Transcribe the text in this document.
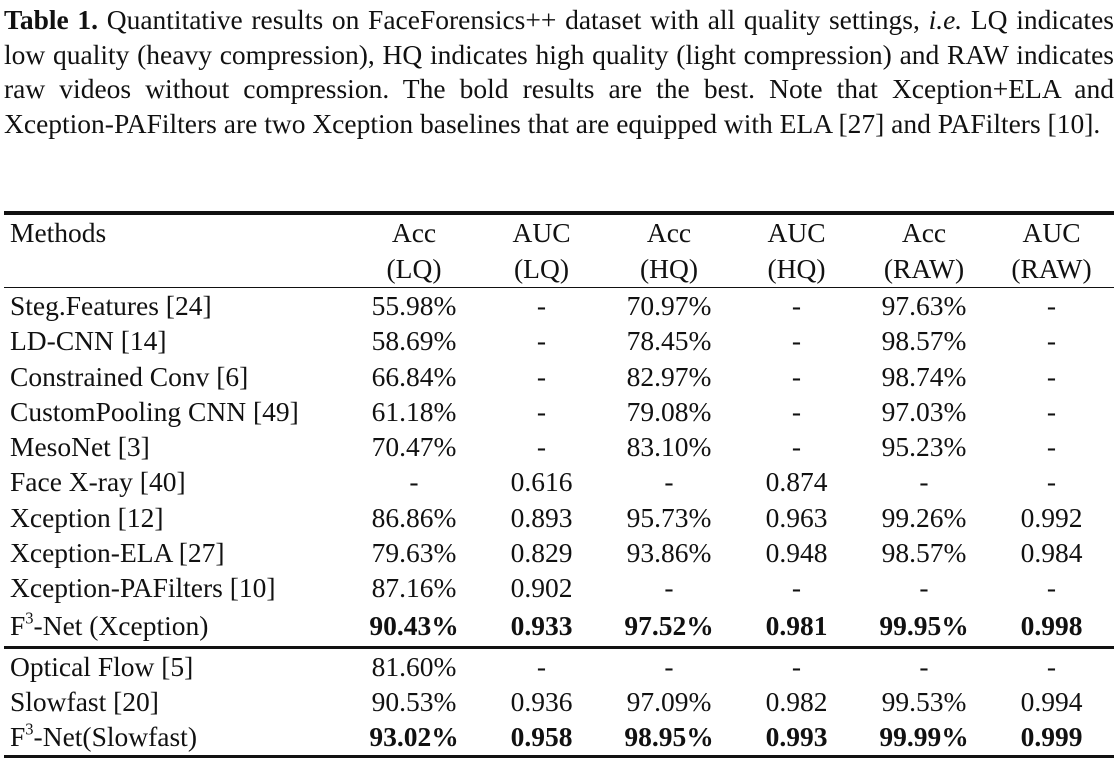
Table 1. Quantitative results on FaceForensics++ dataset with all quality settings, i.e. LQ indicates low quality (heavy compression), HQ indicates high quality (light compression) and RAW indicates raw videos without compression. The bold results are the best. Note that Xception+ELA and Xception-PAFilters are two Xception baselines that are equipped with ELA [27] and PAFilters [10].
Methods	Acc	AUC	Acc	AUC	Acc	AUC
	(LQ)	(LQ)	(HQ)	(HQ)	(RAW)	(RAW)
Steg.Features [24]	55.98%	-	70.97%	-	97.63%	-
LD-CNN [14]	58.69%	-	78.45%	-	98.57%	-
Constrained Conv [6]	66.84%	-	82.97%	-	98.74%	-
CustomPooling CNN [49]	61.18%	-	79.08%	-	97.03%	-
MesoNet [3]	70.47%	-	83.10%	-	95.23%	-
Face X-ray [40]	-	0.616	-	0.874	-	-
Xception [12]	86.86%	0.893	95.73%	0.963	99.26%	0.992
Xception-ELA [27]	79.63%	0.829	93.86%	0.948	98.57%	0.984
Xception-PAFilters [10]	87.16%	0.902	-	-	-	-
$F^3$-Net (Xception)	90.43%	0.933	97.52%	0.981	99.95%	0.998
Optical Flow [5]	81.60%	-	-	-	-	-
Slowfast [20]	90.53%	0.936	97.09%	0.982	99.53%	0.994
$F^3-Net(Slowfast)$	93.02%	0.958	98.95%	0.993	99.99%	0.999
